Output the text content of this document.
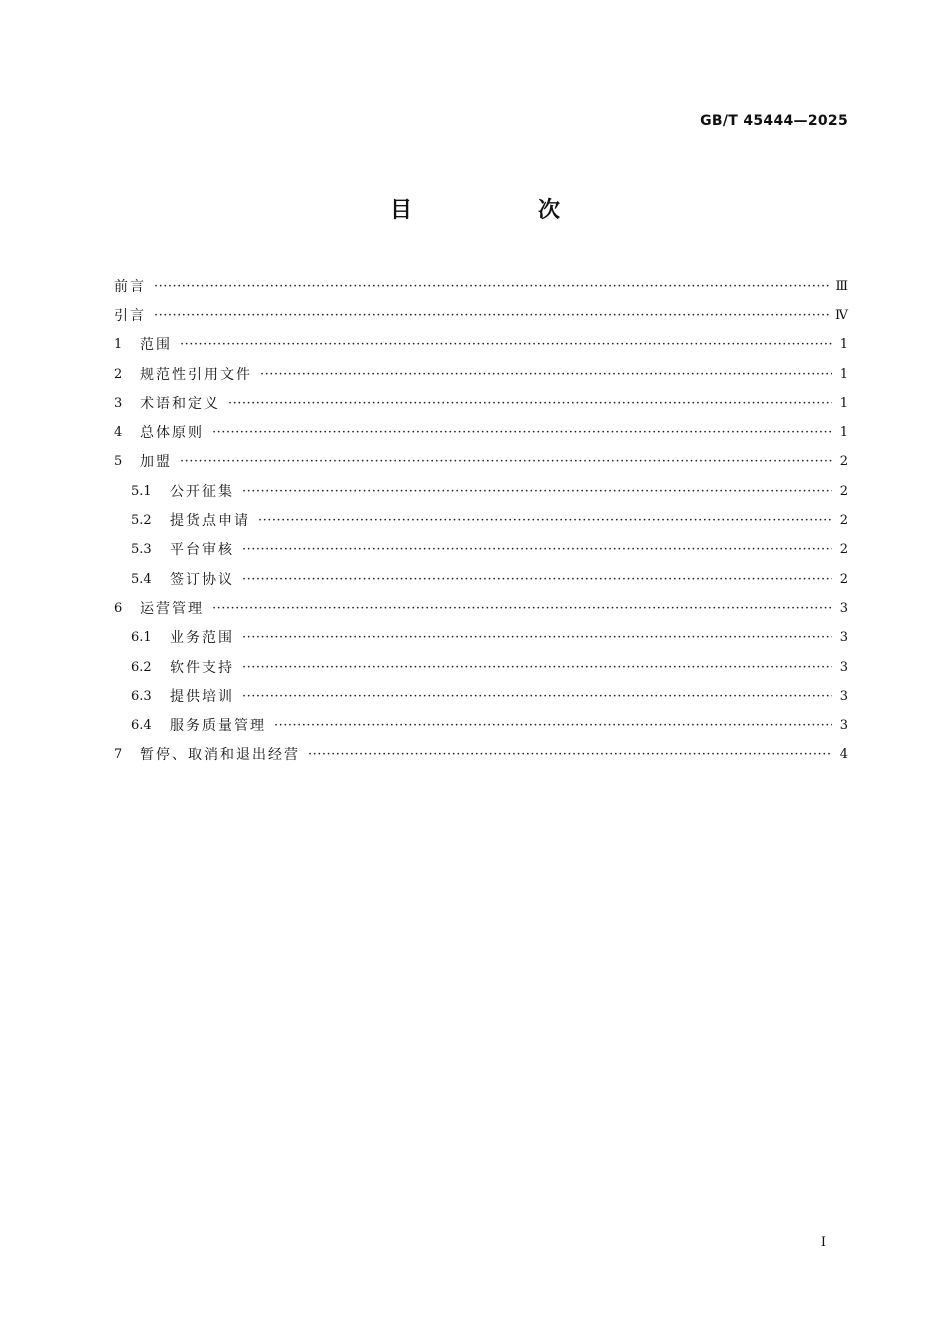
GB/T 45444—2025
目　次
前言 ·····	Ⅲ
引言 ·····	Ⅳ
1	范围 ·····	1
2	规范性引用文件 ·····	1
3	术语和定义 ·····	1
4	总体原则 ·····	1
5	加盟 ·····	2
5.1	公开征集 ·····	2
5.2	提货点申请 ·····	2
5.3	平台审核 ·····	2
5.4	签订协议 ·····	2
6	运营管理 ·····	3
6.1	业务范围 ·····	3
6.2	软件支持 ·····	3
6.3	提供培训 ·····	3
6.4	服务质量管理 ·····	3
7	暂停、取消和退出经营 ·····	4
I
